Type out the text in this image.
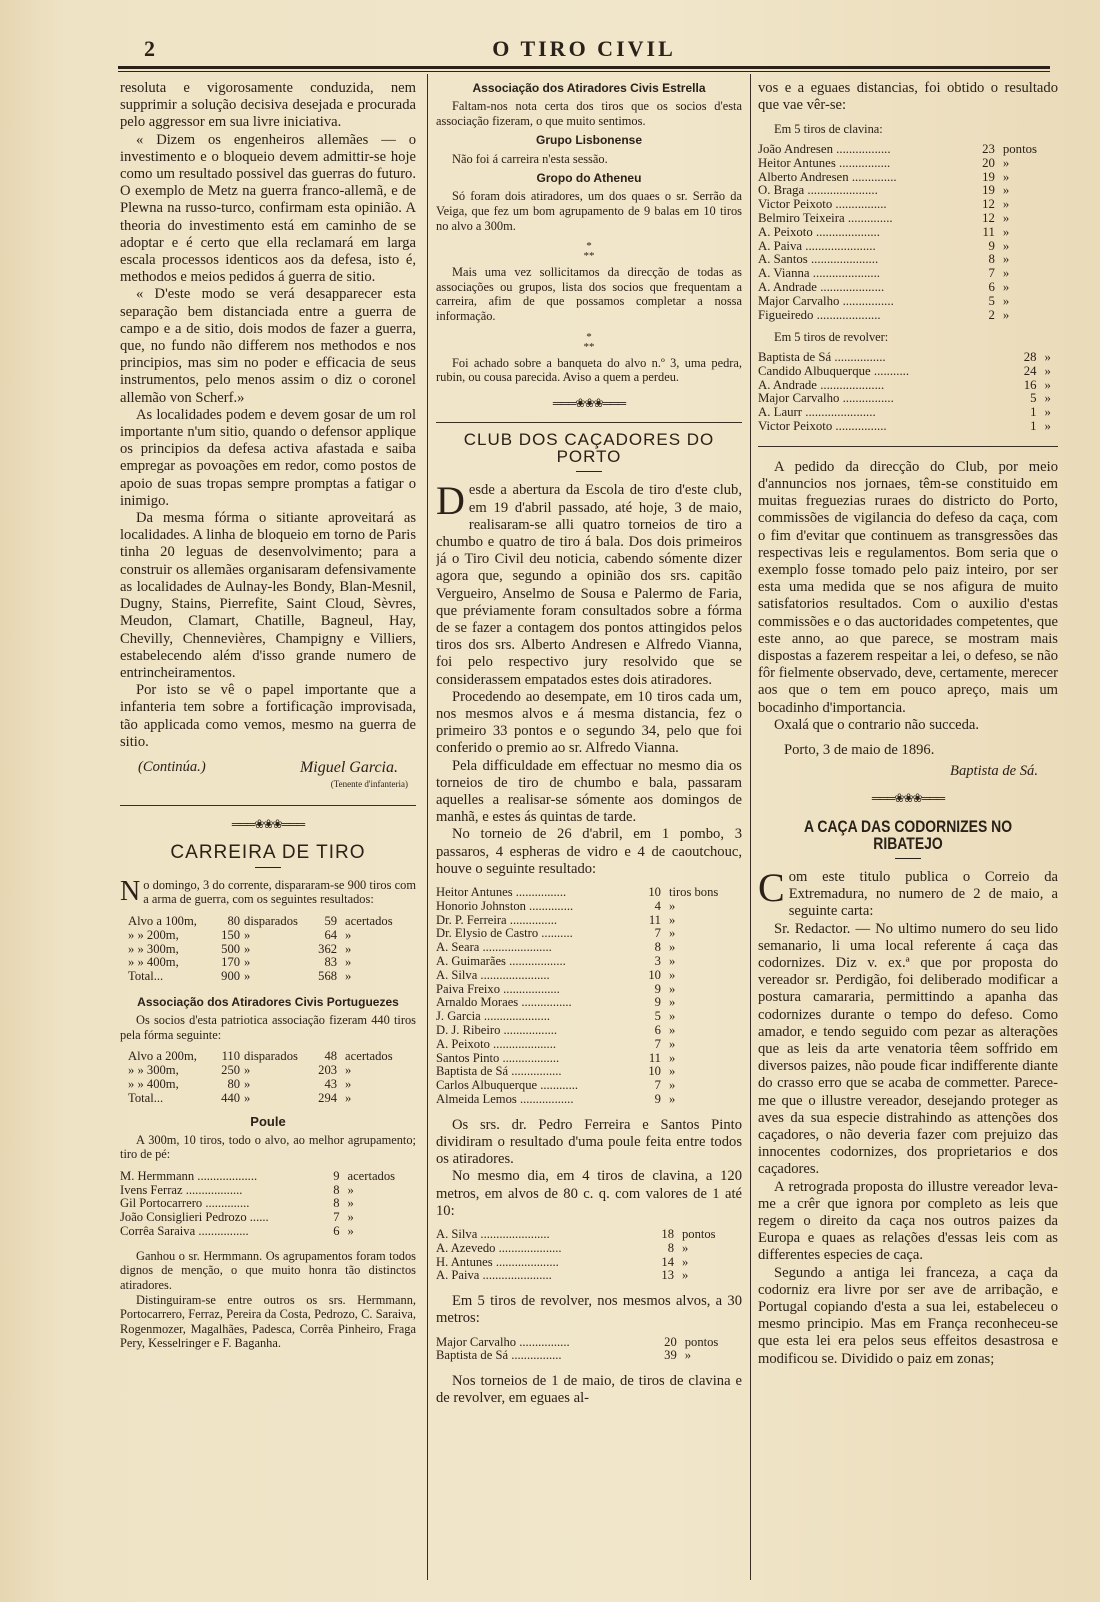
2	O TIRO CIVIL

resoluta e vigorosamente conduzida, nem supprimir a solução decisiva desejada e procurada pelo aggressor em sua livre iniciativa.

« Dizem os engenheiros allemães — o investimento e o bloqueio devem admittir-se hoje como um resultado possivel das guerras do futuro. O exemplo de Metz na guerra franco-allemã, e de Plewna na russo-turco, confirmam esta opinião. A theoria do investimento está em caminho de se adoptar e é certo que ella reclamará em larga escala processos identicos aos da defesa, isto é, methodos e meios pedidos á guerra de sitio.

« D'este modo se verá desapparecer esta separação bem distanciada entre a guerra de campo e a de sitio, dois modos de fazer a guerra, que, no fundo não differem nos methodos e nos principios, mas sim no poder e efficacia de seus instrumentos, pelo menos assim o diz o coronel allemão von Scherf.»

As localidades podem e devem gosar de um rol importante n'um sitio, quando o defensor applique os principios da defesa activa afastada e saiba empregar as povoações em redor, como postos de apoio de suas tropas sempre promptas a fatigar o inimigo.

Da mesma fórma o sitiante aproveitará as localidades. A linha de bloqueio em torno de Paris tinha 20 leguas de desenvolvimento; para a construir os allemães organisaram defensivamente as localidades de Aulnay-les Bondy, Blan-Mesnil, Dugny, Stains, Pierrefite, Saint Cloud, Sèvres, Meudon, Clamart, Chatille, Bagneul, Hay, Chevilly, Chennevières, Champigny e Villiers, estabelecendo além d'isso grande numero de entrincheiramentos.

Por isto se vê o papel importante que a infanteria tem sobre a fortificação improvisada, tão applicada como vemos, mesmo na guerra de sitio.

(Continúa.)	Miguel Garcia.
(Tenente d'infanteria)
═══❀❀❀═══
CARREIRA DE TIRO
N o domingo, 3 do corrente, dispararam-se 900 tiros com a arma de guerra, com os seguintes resultados:
Alvo a 100m,	80	disparados	59	acertados
» » 200m,	150	»	64	»
» » 300m,	500	»	362	»
» » 400m,	170	»	83	»
Total...	900	»	568	»
Associação dos Atiradores Civis Portuguezes

Os socios d'esta patriotica associação fizeram 440 tiros pela fórma seguinte:

Alvo a 200m,	110	disparados	48	acertados
» » 300m,	250	»	203	»
» » 400m,	80	»	43	»
Total...	440	»	294	»
Poule

A 300m, 10 tiros, todo o alvo, ao melhor agrupamento; tiro de pé:

M. Hermmann ...................	9	acertados
Ivens Ferraz ..................	8	»
Gil Portocarrero ..............	8	»
João Consiglieri Pedrozo ......	7	»
Corrêa Saraiva ................	6	»

Ganhou o sr. Hermmann. Os agrupamentos foram todos dignos de menção, o que muito honra tão distinctos atiradores.

Distinguiram-se entre outros os srs. Hermmann, Portocarrero, Ferraz, Pereira da Costa, Pedrozo, C. Saraiva, Rogenmozer, Magalhães, Padesca, Corrêa Pinheiro, Fraga Pery, Kesselringer e F. Baganha.

Associação dos Atiradores Civis Estrella

Faltam-nos nota certa dos tiros que os socios d'esta associação fizeram, o que muito sentimos.

Grupo Lisbonense

Não foi á carreira n'esta sessão.

Gropo do Atheneu

Só foram dois atiradores, um dos quaes o sr. Serrão da Veiga, que fez um bom agrupamento de 9 balas em 10 tiros no alvo a 300m.

*
**

Mais uma vez sollicitamos da direcção de todas as associações ou grupos, lista dos socios que frequentam a carreira, afim de que possamos completar a nossa informação.

*
**

Foi achado sobre a banqueta do alvo n.º 3, uma pedra, rubin, ou cousa parecida. Aviso a quem a perdeu.

═══❀❀❀═══
CLUB DOS CAÇADORES DO PORTO

D esde a abertura da Escola de tiro d'este club, em 19 d'abril passado, até hoje, 3 de maio, realisaram-se alli quatro torneios de tiro a chumbo e quatro de tiro á bala. Dos dois primeiros já o Tiro Civil deu noticia, cabendo sómente dizer agora que, segundo a opinião dos srs. capitão Vergueiro, Anselmo de Sousa e Palermo de Faria, que préviamente foram consultados sobre a fórma de se fazer a contagem dos pontos attingidos pelos tiros dos srs. Alberto Andresen e Alfredo Vianna, foi pelo respectivo jury resolvido que se considerassem empatados estes dois atiradores.

Procedendo ao desempate, em 10 tiros cada um, nos mesmos alvos e á mesma distancia, fez o primeiro 33 pontos e o segundo 34, pelo que foi conferido o premio ao sr. Alfredo Vianna.

Pela difficuldade em effectuar no mesmo dia os torneios de tiro de chumbo e bala, passaram aquelles a realisar-se sómente aos domingos de manhã, e estes ás quintas de tarde.

No torneio de 26 d'abril, em 1 pombo, 3 passaros, 4 espheras de vidro e 4 de caoutchouc, houve o seguinte resultado:

Heitor Antunes ................	10	tiros bons
Honorio Johnston ..............	4	»
Dr. P. Ferreira ...............	11	»
Dr. Elysio de Castro ..........	7	»
A. Seara ......................	8	»
A. Guimarães ..................	3	»
A. Silva ......................	10	»
Paiva Freixo ..................	9	»
Arnaldo Moraes ................	9	»
J. Garcia .....................	5	»
D. J. Ribeiro .................	6	»
A. Peixoto ....................	7	»
Santos Pinto ..................	11	»
Baptista de Sá ................	10	»
Carlos Albuquerque ............	7	»
Almeida Lemos .................	9	»

Os srs. dr. Pedro Ferreira e Santos Pinto dividiram o resultado d'uma poule feita entre todos os atiradores.

No mesmo dia, em 4 tiros de clavina, a 120 metros, em alvos de 80 c. q. com valores de 1 até 10:

A. Silva ......................	18	pontos
A. Azevedo ....................	8	»
H. Antunes ....................	14	»
A. Paiva ......................	13	»

Em 5 tiros de revolver, nos mesmos alvos, a 30 metros:

Major Carvalho ................	20	pontos
Baptista de Sá ................	39	»

Nos torneios de 1 de maio, de tiros de clavina e de revolver, em eguaes al-

vos e a eguaes distancias, foi obtido o resultado que vae vêr-se:

Em 5 tiros de clavina:
João Andresen .................	23	pontos
Heitor Antunes ................	20	»
Alberto Andresen ..............	19	»
O. Braga ......................	19	»
Victor Peixoto ................	12	»
Belmiro Teixeira ..............	12	»
A. Peixoto ....................	11	»
A. Paiva ......................	9	»
A. Santos .....................	8	»
A. Vianna .....................	7	»
A. Andrade ....................	6	»
Major Carvalho ................	5	»
Figueiredo ....................	2	»
Em 5 tiros de revolver:
Baptista de Sá ................	28	»
Candido Albuquerque ...........	24	»
A. Andrade ....................	16	»
Major Carvalho ................	5	»
A. Laurr ......................	1	»
Victor Peixoto ................	1	»

A pedido da direcção do Club, por meio d'annuncios nos jornaes, têm-se constituido em muitas freguezias ruraes do districto do Porto, commissões de vigilancia do defeso da caça, com o fim d'evitar que continuem as transgressões das respectivas leis e regulamentos. Bom seria que o exemplo fosse tomado pelo paiz inteiro, por ser esta uma medida que se nos afigura de muito satisfatorios resultados. Com o auxilio d'estas commissões e o das auctoridades competentes, que este anno, ao que parece, se mostram mais dispostas a fazerem respeitar a lei, o defeso, se não fôr fielmente observado, deve, certamente, merecer aos que o tem em pouco apreço, mais um bocadinho d'importancia.

Oxalá que o contrario não succeda.

Porto, 3 de maio de 1896.
Baptista de Sá.
═══❀❀❀═══
A CAÇA DAS CODORNIZES NO RIBATEJO

C om este titulo publica o Correio da Extremadura, no numero de 2 de maio, a seguinte carta:

Sr. Redactor. — No ultimo numero do seu lido semanario, li uma local referente á caça das codornizes. Diz v. ex.ª que por proposta do vereador sr. Perdigão, foi deliberado modificar a postura camararia, permittindo a apanha das codornizes durante o tempo do defeso. Como amador, e tendo seguido com pezar as alterações que as leis da arte venatoria têem soffrido em diversos paizes, não poude ficar indifferente diante do crasso erro que se acaba de commetter. Parece-me que o illustre vereador, desejando proteger as aves da sua especie distrahindo as attenções dos caçadores, o não deveria fazer com prejuizo das innocentes codornizes, dos proprietarios e dos caçadores.

A retrograda proposta do illustre vereador leva-me a crêr que ignora por completo as leis que regem o direito da caça nos outros paizes da Europa e quaes as relações d'essas leis com as differentes especies de caça.

Segundo a antiga lei franceza, a caça da codorniz era livre por ser ave de arribação, e Portugal copiando d'esta a sua lei, estabeleceu o mesmo principio. Mas em França reconheceu-se que esta lei era pelos seus effeitos desastrosa e modificou se. Dividido o paiz em zonas;
